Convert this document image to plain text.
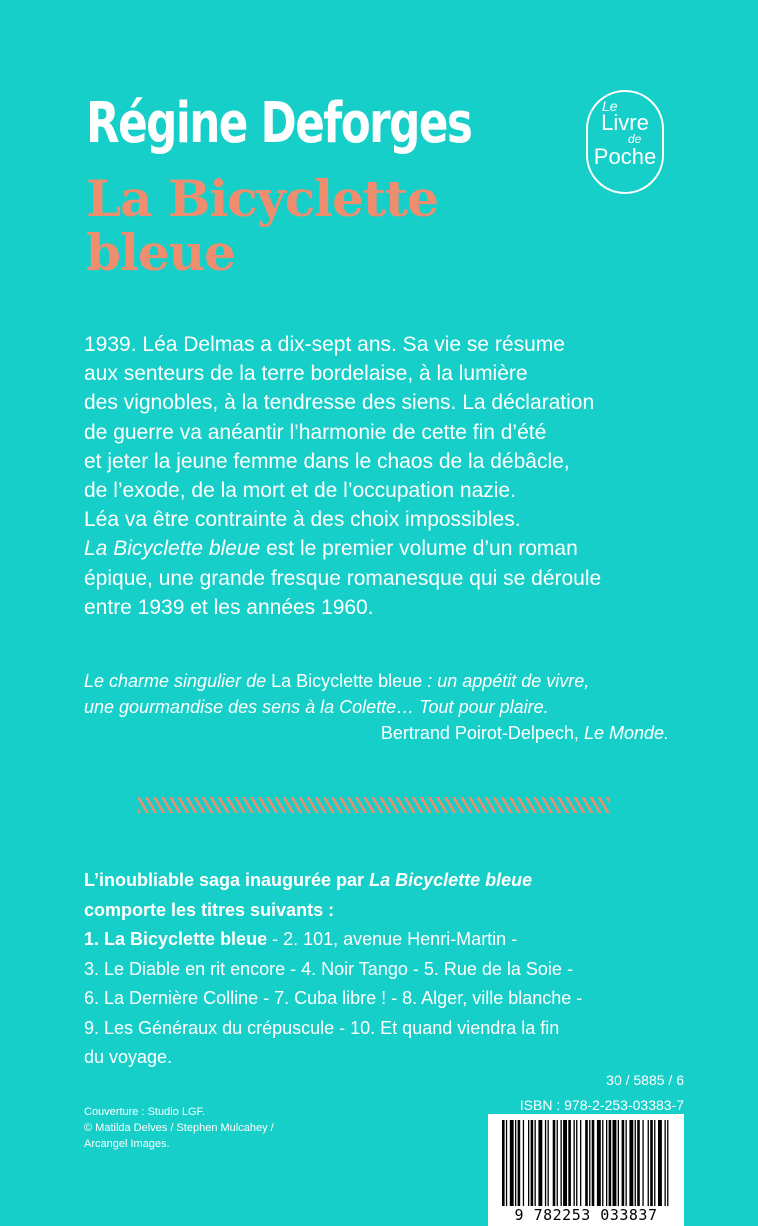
Régine Deforges
La Bicyclette
bleue
Le
Livre
de
Poche

1939. Léa Delmas a dix-sept ans. Sa vie se résume

aux senteurs de la terre bordelaise, à la lumière

des vignobles, à la tendresse des siens. La déclaration

de guerre va anéantir l’harmonie de cette fin d’été

et jeter la jeune femme dans le chaos de la débâcle,

de l’exode, de la mort et de l’occupation nazie.

Léa va être contrainte à des choix impossibles.

La Bicyclette bleue est le premier volume d’un roman

épique, une grande fresque romanesque qui se déroule

entre 1939 et les années 1960.

Le charme singulier de La Bicyclette bleue : un appétit de vivre,

une gourmandise des sens à la Colette… Tout pour plaire.

Bertrand Poirot-Delpech, Le Monde.

L’inoubliable saga inaugurée par La Bicyclette bleue

comporte les titres suivants :

1. La Bicyclette bleue - 2. 101, avenue Henri-Martin -

3. Le Diable en rit encore - 4. Noir Tango - 5. Rue de la Soie -

6. La Dernière Colline - 7. Cuba libre ! - 8. Alger, ville blanche -

9. Les Généraux du crépuscule - 10. Et quand viendra la fin

du voyage.

30 / 5885 / 6
ISBN : 978-2-253-03383-7
Couverture : Studio LGF.
© Matilda Delves / Stephen Mulcahey /
Arcangel Images.
9 782253 033837
